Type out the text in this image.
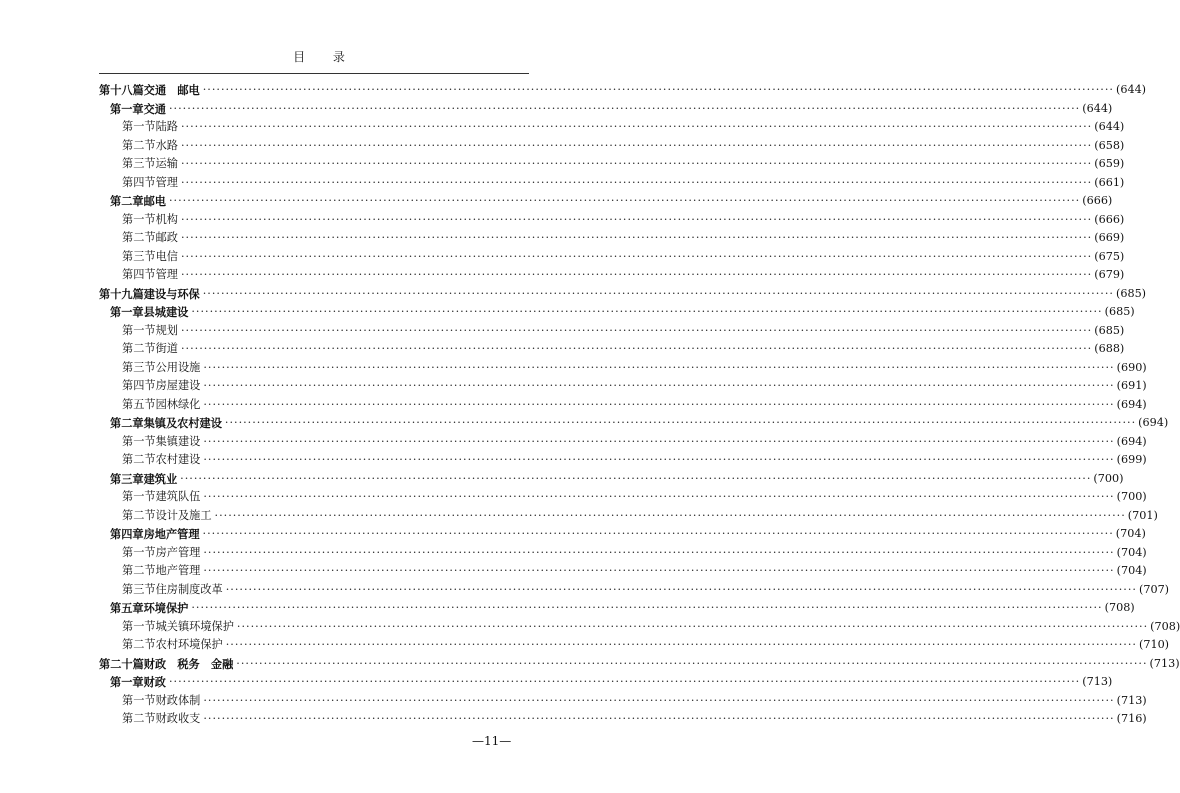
目 录
第十八篇 交通　邮电 ········································································································································································································ (644)
第一章 交通 ········································································································································································································ (644)
第一节 陆路 ········································································································································································································ (644)
第二节 水路 ········································································································································································································ (658)
第三节 运输 ········································································································································································································ (659)
第四节 管理 ········································································································································································································ (661)
第二章 邮电 ········································································································································································································ (666)
第一节 机构 ········································································································································································································ (666)
第二节 邮政 ········································································································································································································ (669)
第三节 电信 ········································································································································································································ (675)
第四节 管理 ········································································································································································································ (679)
第十九篇 建设与环保 ········································································································································································································ (685)
第一章 县城建设 ········································································································································································································ (685)
第一节 规划 ········································································································································································································ (685)
第二节 街道 ········································································································································································································ (688)
第三节 公用设施 ········································································································································································································ (690)
第四节 房屋建设 ········································································································································································································ (691)
第五节 园林绿化 ········································································································································································································ (694)
第二章 集镇及农村建设 ········································································································································································································ (694)
第一节 集镇建设 ········································································································································································································ (694)
第二节 农村建设 ········································································································································································································ (699)
第三章 建筑业 ········································································································································································································ (700)
第一节 建筑队伍 ········································································································································································································ (700)
第二节 设计及施工 ········································································································································································································ (701)
第四章 房地产管理 ········································································································································································································ (704)
第一节 房产管理 ········································································································································································································ (704)
第二节 地产管理 ········································································································································································································ (704)
第三节 住房制度改革 ········································································································································································································ (707)
第五章 环境保护 ········································································································································································································ (708)
第一节 城关镇环境保护 ········································································································································································································ (708)
第二节 农村环境保护 ········································································································································································································ (710)
第二十篇 财政　税务　金融 ········································································································································································································ (713)
第一章 财政 ········································································································································································································ (713)
第一节 财政体制 ········································································································································································································ (713)
第二节 财政收支 ········································································································································································································ (716)
—11—
